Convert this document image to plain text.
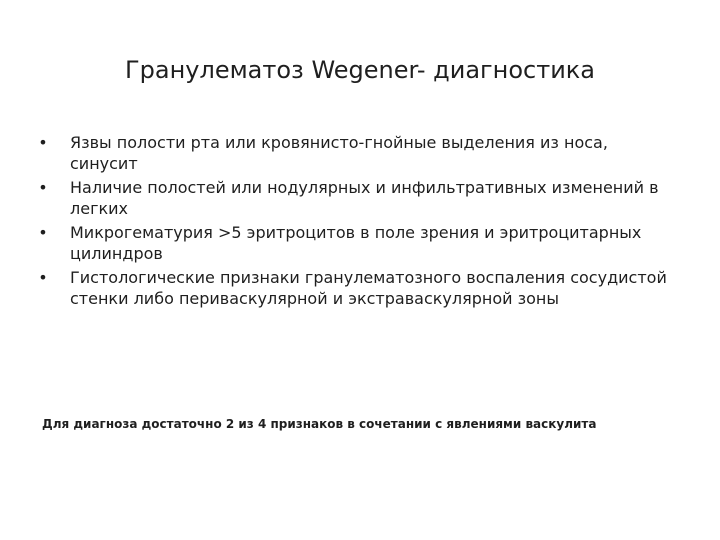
Гранулематоз Wegener- диагностика
• Язвы полости рта или кровянисто-гнойные выделения из носа, синусит
• Наличие полостей или нодулярных и инфильтративных изменений в легких
• Микрогематурия >5 эритроцитов в поле зрения и эритроцитарных цилиндров
• Гистологические признаки гранулематозного воспаления сосудистой стенки либо периваскулярной и экстраваскулярной зоны

Для диагноза достаточно 2 из 4 признаков в сочетании с явлениями васкулита
